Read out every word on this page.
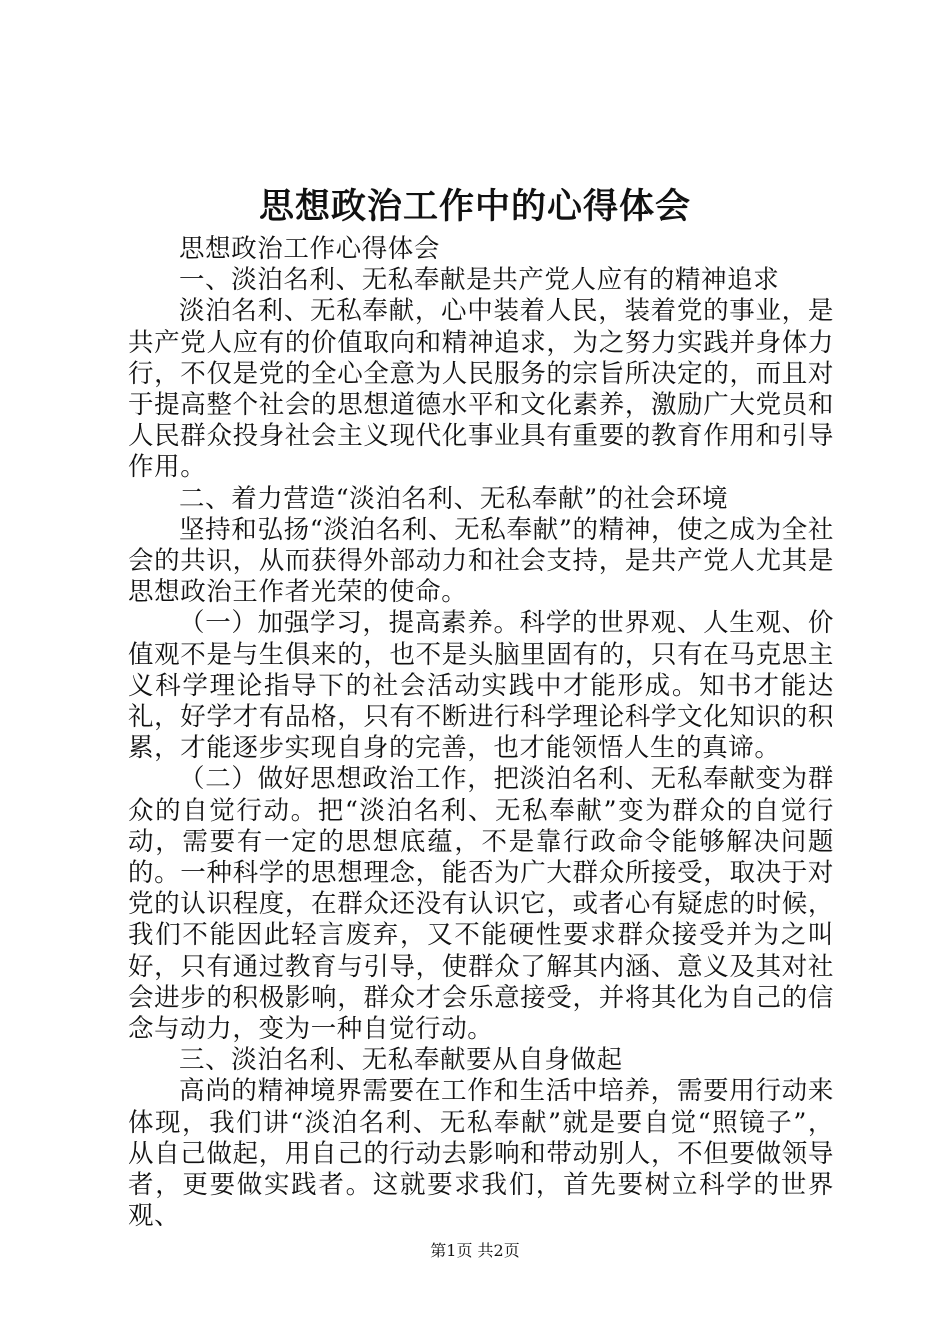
思想政治工作中的心得体会

思想政治工作心得体会

一、淡泊名利、无私奉献是共产党人应有的精神追求

淡泊名利、无私奉献，心中装着人民，装着党的事业，是共产党人应有的价值取向和精神追求，为之努力实践并身体力行，不仅是党的全心全意为人民服务的宗旨所决定的，而且对于提高整个社会的思想道德水平和文化素养，激励广大党员和人民群众投身社会主义现代化事业具有重要的教育作用和引导作用。

二、着力营造“淡泊名利、无私奉献”的社会环境

坚持和弘扬“淡泊名利、无私奉献”的精神，使之成为全社会的共识，从而获得外部动力和社会支持，是共产党人尤其是思想政治王作者光荣的使命。

（一）加强学习，提高素养。科学的世界观、人生观、价值观不是与生俱来的，也不是头脑里固有的，只有在马克思主义科学理论指导下的社会活动实践中才能形成。知书才能达礼，好学才有品格，只有不断进行科学理论科学文化知识的积累，才能逐步实现自身的完善，也才能领悟人生的真谛。

（二）做好思想政治工作，把淡泊名利、无私奉献变为群众的自觉行动。把“淡泊名利、无私奉献”变为群众的自觉行动，需要有一定的思想底蕴，不是靠行政命令能够解决问题的。一种科学的思想理念，能否为广大群众所接受，取决于对党的认识程度，在群众还没有认识它，或者心有疑虑的时候，我们不能因此轻言废弃，又不能硬性要求群众接受并为之叫好，只有通过教育与引导，使群众了解其内涵、意义及其对社会进步的积极影响，群众才会乐意接受，并将其化为自己的信念与动力，变为一种自觉行动。

三、淡泊名利、无私奉献要从自身做起

高尚的精神境界需要在工作和生活中培养，需要用行动来体现，我们讲“淡泊名利、无私奉献”就是要自觉“照镜子”，从自己做起，用自己的行动去影响和带动别人，不但要做领导者，更要做实践者。这就要求我们，首先要树立科学的世界观、

第1页 共2页
